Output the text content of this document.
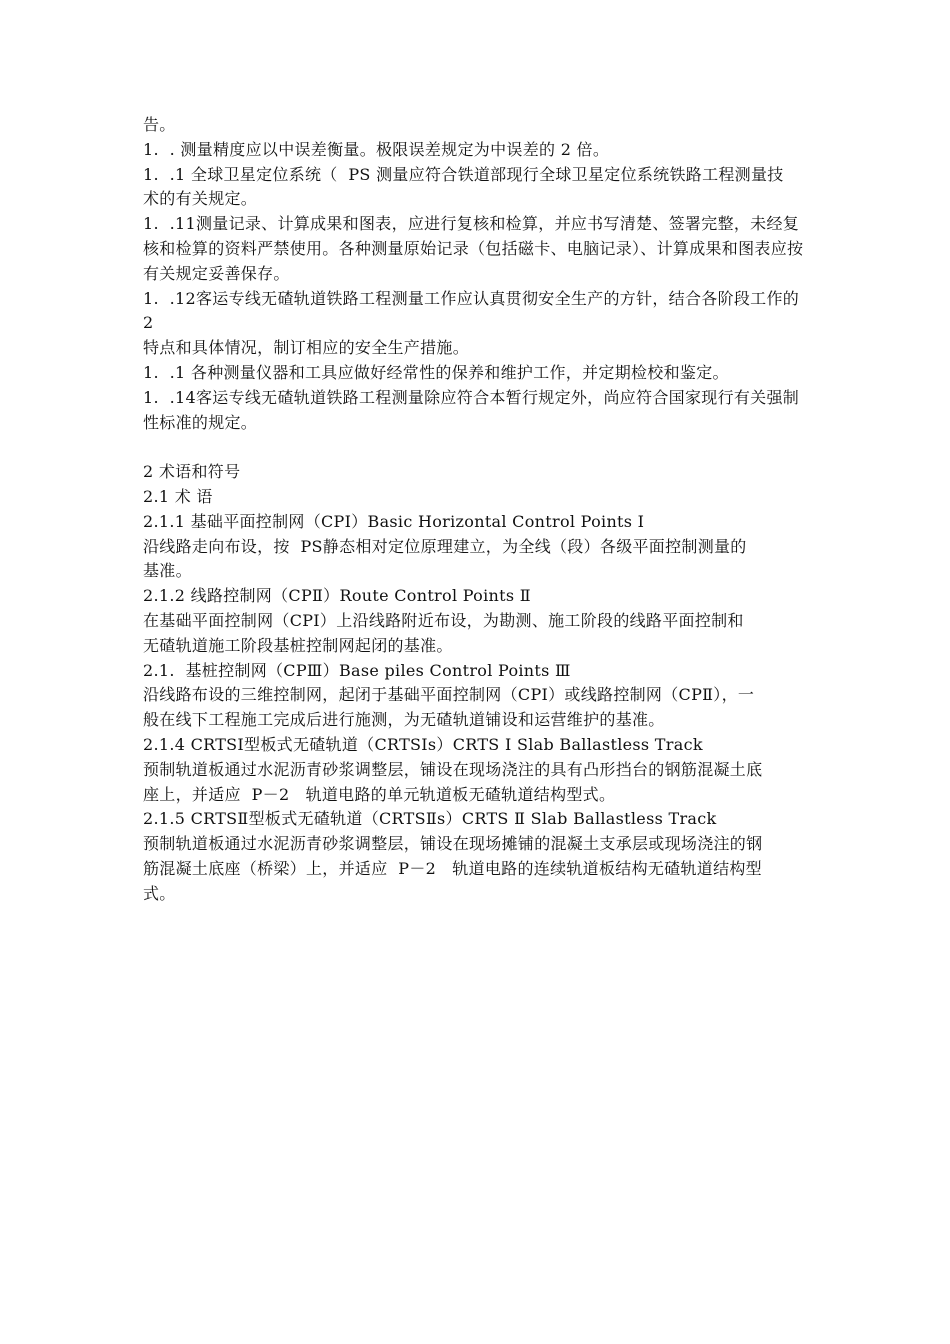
告。
1.  . 测量精度应以中误差衡量。极限误差规定为中误差的 2 倍。
1.  .1 全球卫星定位系统（  PS 测量应符合铁道部现行全球卫星定位系统铁路工程测量技
术的有关规定。
1.  .11测量记录、计算成果和图表，应进行复核和检算，并应书写清楚、签署完整，未经复
核和检算的资料严禁使用。各种测量原始记录（包括磁卡、电脑记录）、计算成果和图表应按
有关规定妥善保存。
1.  .12客运专线无碴轨道铁路工程测量工作应认真贯彻安全生产的方针，结合各阶段工作的
2
特点和具体情况，制订相应的安全生产措施。
1.  .1 各种测量仪器和工具应做好经常性的保养和维护工作，并定期检校和鉴定。
1.  .14客运专线无碴轨道铁路工程测量除应符合本暂行规定外，尚应符合国家现行有关强制
性标准的规定。
2 术语和符号
2.1 术 语
2.1.1 基础平面控制网（CPⅠ）Basic Horizontal Control Points Ⅰ
沿线路走向布设，按  PS静态相对定位原理建立，为全线（段）各级平面控制测量的
基准。
2.1.2 线路控制网（CPⅡ）Route Control Points Ⅱ
在基础平面控制网（CPⅠ）上沿线路附近布设，为勘测、施工阶段的线路平面控制和
无碴轨道施工阶段基桩控制网起闭的基准。
2.1.  基桩控制网（CPⅢ）Base piles Control Points Ⅲ
沿线路布设的三维控制网，起闭于基础平面控制网（CPⅠ）或线路控制网（CPⅡ），一
般在线下工程施工完成后进行施测，为无碴轨道铺设和运营维护的基准。
2.1.4 CRTSⅠ型板式无碴轨道（CRTSⅠs）CRTS Ⅰ Slab Ballastless Track
预制轨道板通过水泥沥青砂浆调整层，铺设在现场浇注的具有凸形挡台的钢筋混凝土底
座上，并适应  P－2   轨道电路的单元轨道板无碴轨道结构型式。
2.1.5 CRTSⅡ型板式无碴轨道（CRTSⅡs）CRTS Ⅱ Slab Ballastless Track
预制轨道板通过水泥沥青砂浆调整层，铺设在现场摊铺的混凝土支承层或现场浇注的钢
筋混凝土底座（桥梁）上，并适应  P－2   轨道电路的连续轨道板结构无碴轨道结构型
式。
